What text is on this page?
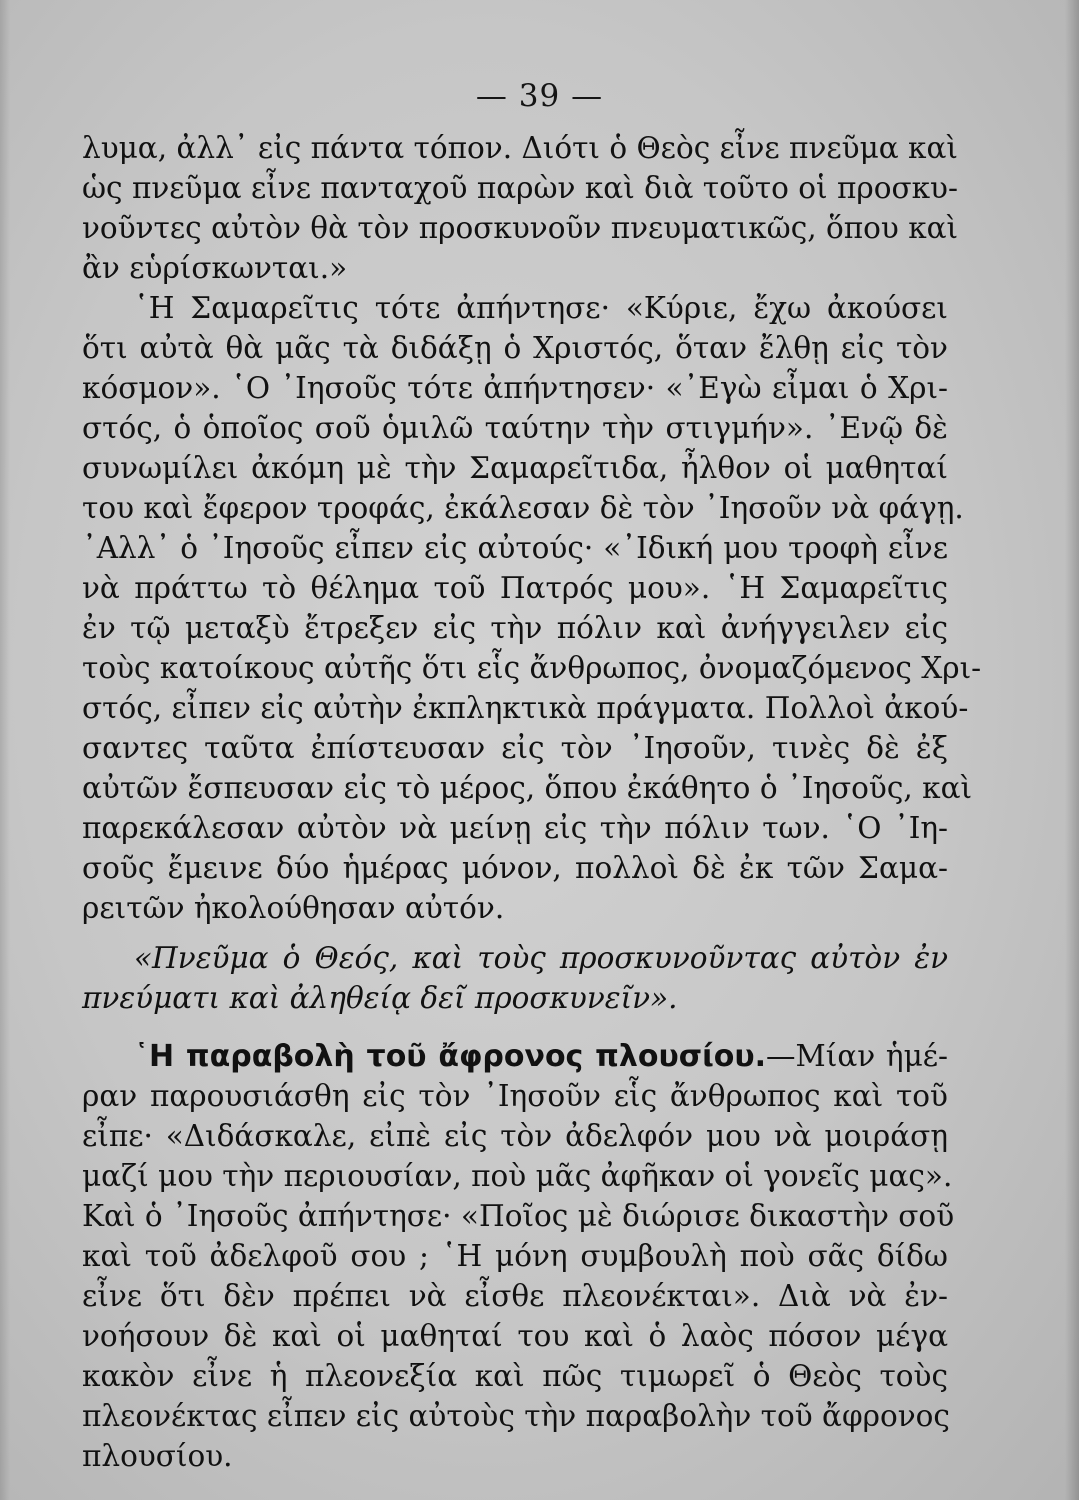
— 39 —
λυμα, ἀλλ᾽ εἰς πάντα τόπον. Διότι ὁ Θεὸς εἶνε πνεῦμα καὶ
ὡς πνεῦμα εἶνε πανταχοῦ παρὼν καὶ διὰ τοῦτο οἱ προσκυ-
νοῦντες αὐτὸν θὰ τὸν προσκυνοῦν πνευματικῶς, ὅπου καὶ
ἂν εὑρίσκωνται.»
῾Η Σαμαρεῖτις τότε ἀπήντησε· «Κύριε, ἔχω ἀκούσει
ὅτι αὐτὰ θὰ μᾶς τὰ διδάξῃ ὁ Χριστός, ὅταν ἔλθῃ εἰς τὸν
κόσμον». ῾Ο ᾿Ιησοῦς τότε ἀπήντησεν· «᾿Εγὼ εἶμαι ὁ Χρι-
στός, ὁ ὁποῖος σοῦ ὁμιλῶ ταύτην τὴν στιγμήν». ᾿Ενῷ δὲ
συνωμίλει ἀκόμη μὲ τὴν Σαμαρεῖτιδα, ἦλθον οἱ μαθηταί
του καὶ ἔφερον τροφάς, ἐκάλεσαν δὲ τὸν ᾿Ιησοῦν νὰ φάγῃ.
᾿Αλλ᾽ ὁ ᾿Ιησοῦς εἶπεν εἰς αὐτούς· «᾿Ιδική μου τροφὴ εἶνε
νὰ πράττω τὸ θέλημα τοῦ Πατρός μου». ῾Η Σαμαρεῖτις
ἐν τῷ μεταξὺ ἔτρεξεν εἰς τὴν πόλιν καὶ ἀνήγγειλεν εἰς
τοὺς κατοίκους αὐτῆς ὅτι εἷς ἄνθρωπος, ὀνομαζόμενος Χρι-
στός, εἶπεν εἰς αὐτὴν ἐκπληκτικὰ πράγματα. Πολλοὶ ἀκού-
σαντες ταῦτα ἐπίστευσαν εἰς τὸν ᾿Ιησοῦν, τινὲς δὲ ἐξ
αὐτῶν ἔσπευσαν εἰς τὸ μέρος, ὅπου ἐκάθητο ὁ ᾿Ιησοῦς, καὶ
παρεκάλεσαν αὐτὸν νὰ μείνῃ εἰς τὴν πόλιν των. ῾Ο ᾿Ιη-
σοῦς ἔμεινε δύο ἡμέρας μόνον, πολλοὶ δὲ ἐκ τῶν Σαμα-
ρειτῶν ἠκολούθησαν αὐτόν.
«Πνεῦμα ὁ Θεός, καὶ τοὺς προσκυνοῦντας αὐτὸν ἐν
πνεύματι καὶ ἀληθείᾳ δεῖ προσκυνεῖν».
῾Η παραβολὴ τοῦ ἄφρονος πλουσίου.—Μίαν ἡμέ-
ραν παρουσιάσθη εἰς τὸν ᾿Ιησοῦν εἷς ἄνθρωπος καὶ τοῦ
εἶπε· «Διδάσκαλε, εἰπὲ εἰς τὸν ἀδελφόν μου νὰ μοιράσῃ
μαζί μου τὴν περιουσίαν, ποὺ μᾶς ἀφῆκαν οἱ γονεῖς μας».
Καὶ ὁ ᾿Ιησοῦς ἀπήντησε· «Ποῖος μὲ διώρισε δικαστὴν σοῦ
καὶ τοῦ ἀδελφοῦ σου ; ῾Η μόνη συμβουλὴ ποὺ σᾶς δίδω
εἶνε ὅτι δὲν πρέπει νὰ εἶσθε πλεονέκται». Διὰ νὰ ἐν-
νοήσουν δὲ καὶ οἱ μαθηταί του καὶ ὁ λαὸς πόσον μέγα
κακὸν εἶνε ἡ πλεονεξία καὶ πῶς τιμωρεῖ ὁ Θεὸς τοὺς
πλεονέκτας εἶπεν εἰς αὐτοὺς τὴν παραβολὴν τοῦ ἄφρονος
πλουσίου.
